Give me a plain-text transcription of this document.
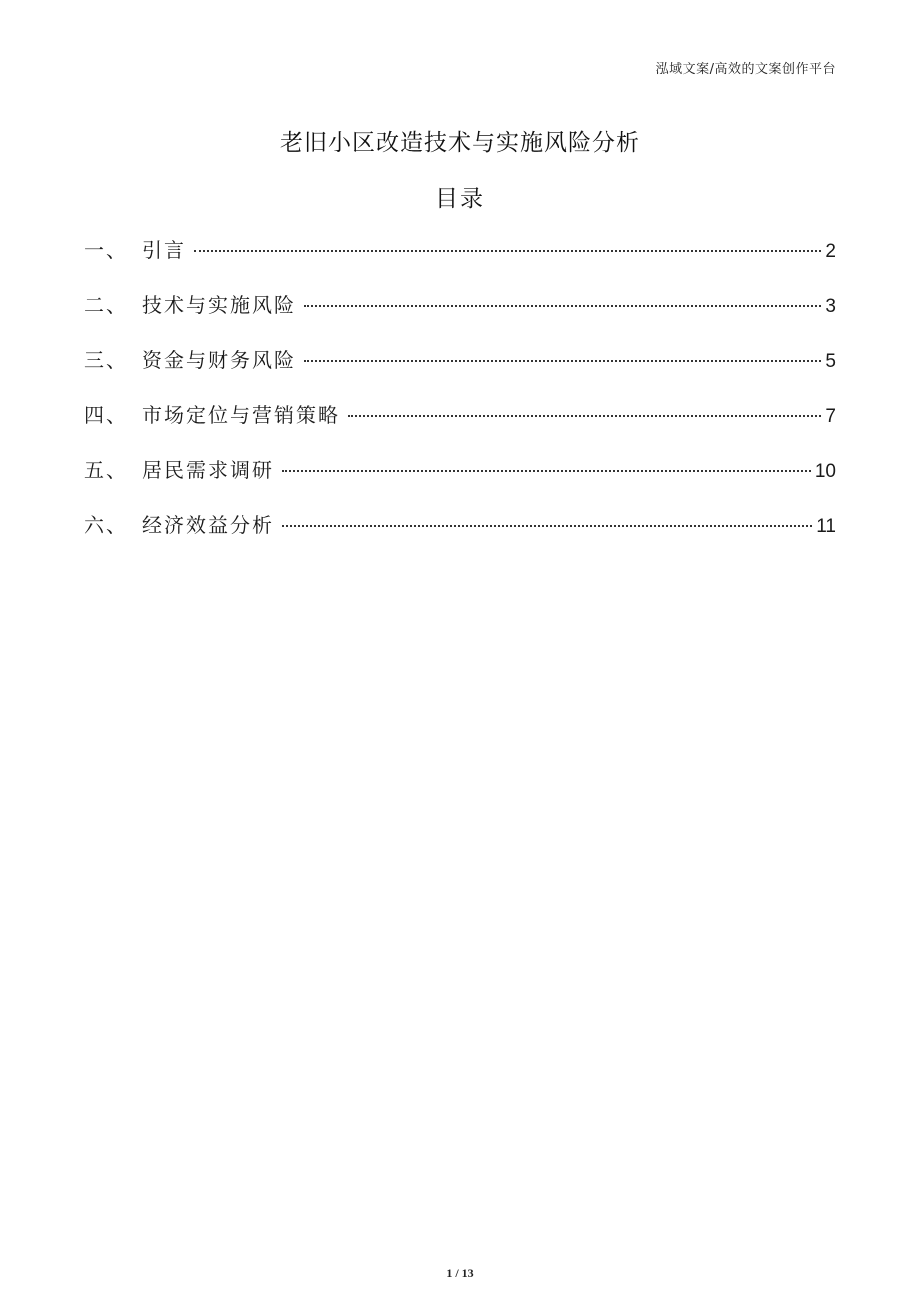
泓域文案/高效的文案创作平台
老旧小区改造技术与实施风险分析
目录
一、 引言	2
二、 技术与实施风险	3
三、 资金与财务风险	5
四、 市场定位与营销策略	7
五、 居民需求调研	10
六、 经济效益分析	11
1 / 13
